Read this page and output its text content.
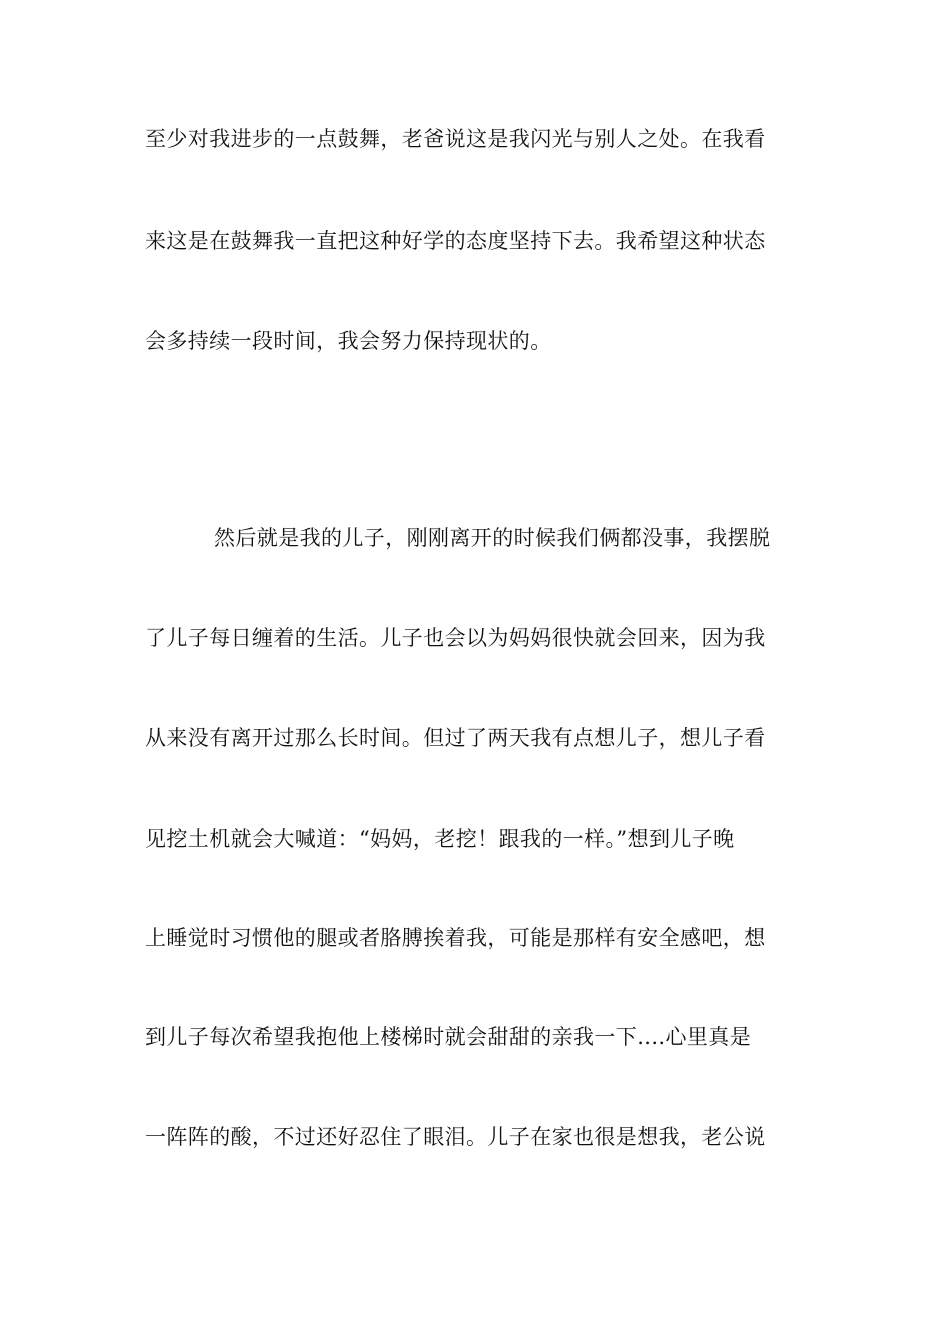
至少对我进步的一点鼓舞，老爸说这是我闪光与别人之处。在我看
来这是在鼓舞我一直把这种好学的态度坚持下去。我希望这种状态
会多持续一段时间，我会努力保持现状的。
然后就是我的儿子，刚刚离开的时候我们俩都没事，我摆脱
了儿子每日缠着的生活。儿子也会以为妈妈很快就会回来，因为我
从来没有离开过那么长时间。但过了两天我有点想儿子，想儿子看
见挖土机就会大喊道：“妈妈，老挖！跟我的一样。”想到儿子晚
上睡觉时习惯他的腿或者胳膊挨着我，可能是那样有安全感吧，想
到儿子每次希望我抱他上楼梯时就会甜甜的亲我一下....心里真是
一阵阵的酸，不过还好忍住了眼泪。儿子在家也很是想我，老公说
